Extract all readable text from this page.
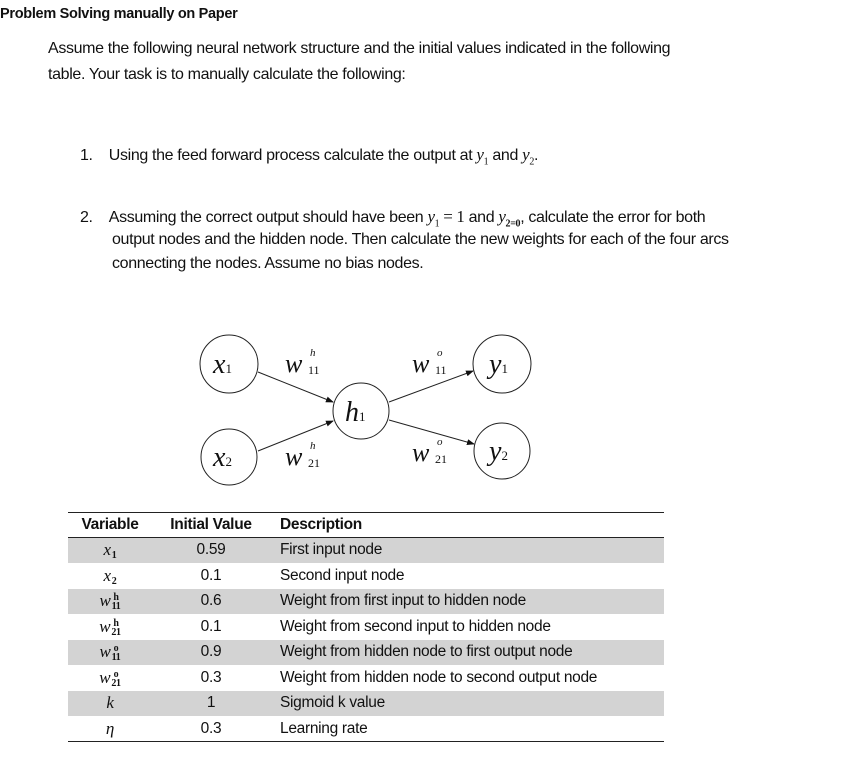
Problem Solving manually on Paper
Assume the following neural network structure and the initial values indicated in the following
table. Your task is to manually calculate the following:
1. Using the feed forward process calculate the output at $y_1$ and $y_2$.
2. Assuming the correct output should have been $y_1 = 1$ and $y_{2=0}$, calculate the error for both
output nodes and the hidden node. Then calculate the new weights for each of the four arcs
connecting the nodes. Assume no bias nodes.
x1
x2
h1
y1
y2
w h
11
w h
21
w o
11
w o
21
Variable	Initial Value	Description
x
1	0.59	First input node
x
2	0.1	Second input node
w h
11	0.6	Weight from first input to hidden node
w h
21	0.1	Weight from second input to hidden node
w o
11	0.9	Weight from hidden node to first output node
w o
21	0.3	Weight from hidden node to second output node
k	1	Sigmoid k value
η	0.3	Learning rate
